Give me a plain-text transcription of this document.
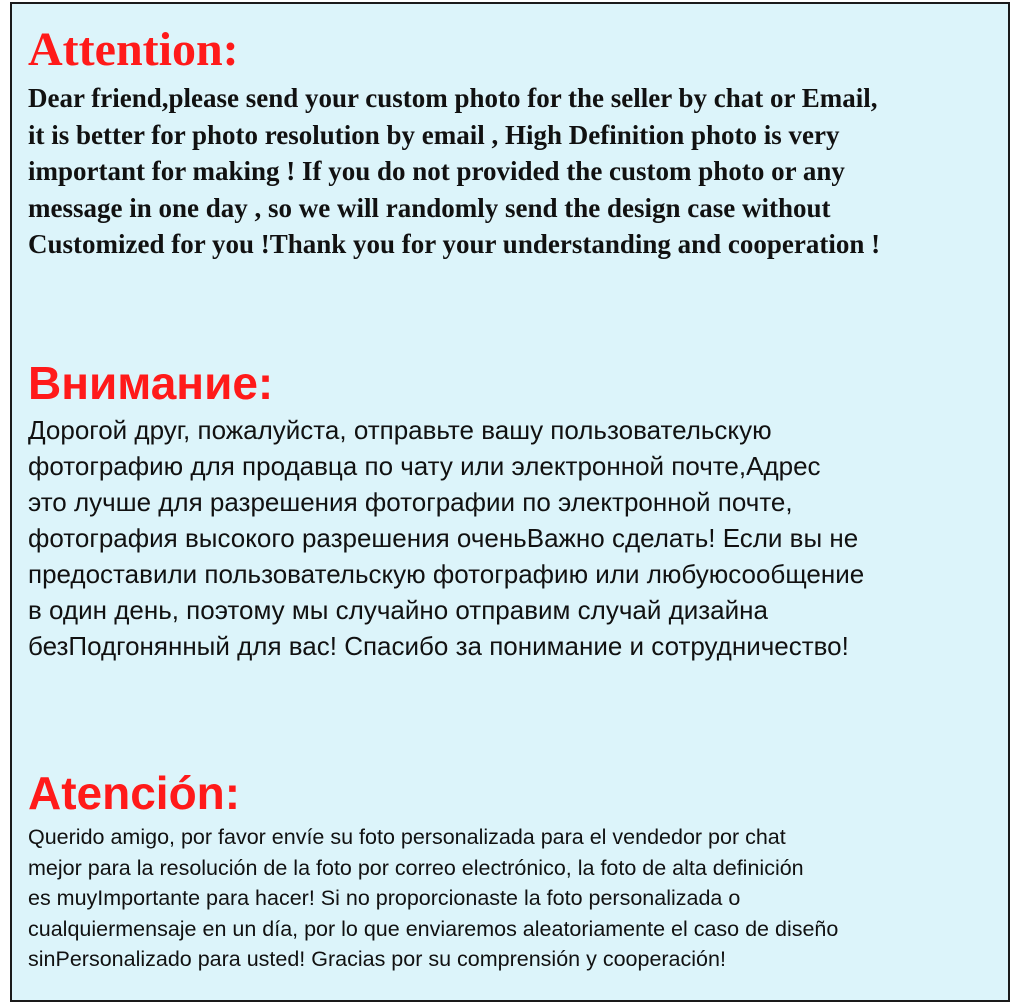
Attention:

Dear friend,please send your custom photo for the seller by chat or Email,
it is better for photo resolution by email , High Definition photo is very
important for making ! If you do not provided the custom photo or any
message in one day , so we will randomly send the design case without
Customized for you !Thank you for your understanding and cooperation !

Внимание:

Дорогой друг, пожалуйста, отправьте вашу пользовательскую
фотографию для продавца по чату или электронной почте,Адрес
это лучше для разрешения фотографии по электронной почте,
фотография высокого разрешения оченьВажно сделать! Если вы не
предоставили пользовательскую фотографию или любуюсообщение
в один день, поэтому мы случайно отправим случай дизайна
безПодгонянный для вас! Спасибо за понимание и сотрудничество!

Atención:

Querido amigo, por favor envíe su foto personalizada para el vendedor por chat
mejor para la resolución de la foto por correo electrónico, la foto de alta definición
es muyImportante para hacer! Si no proporcionaste la foto personalizada o
cualquiermensaje en un día, por lo que enviaremos aleatoriamente el caso de diseño
sinPersonalizado para usted! Gracias por su comprensión y cooperación!
